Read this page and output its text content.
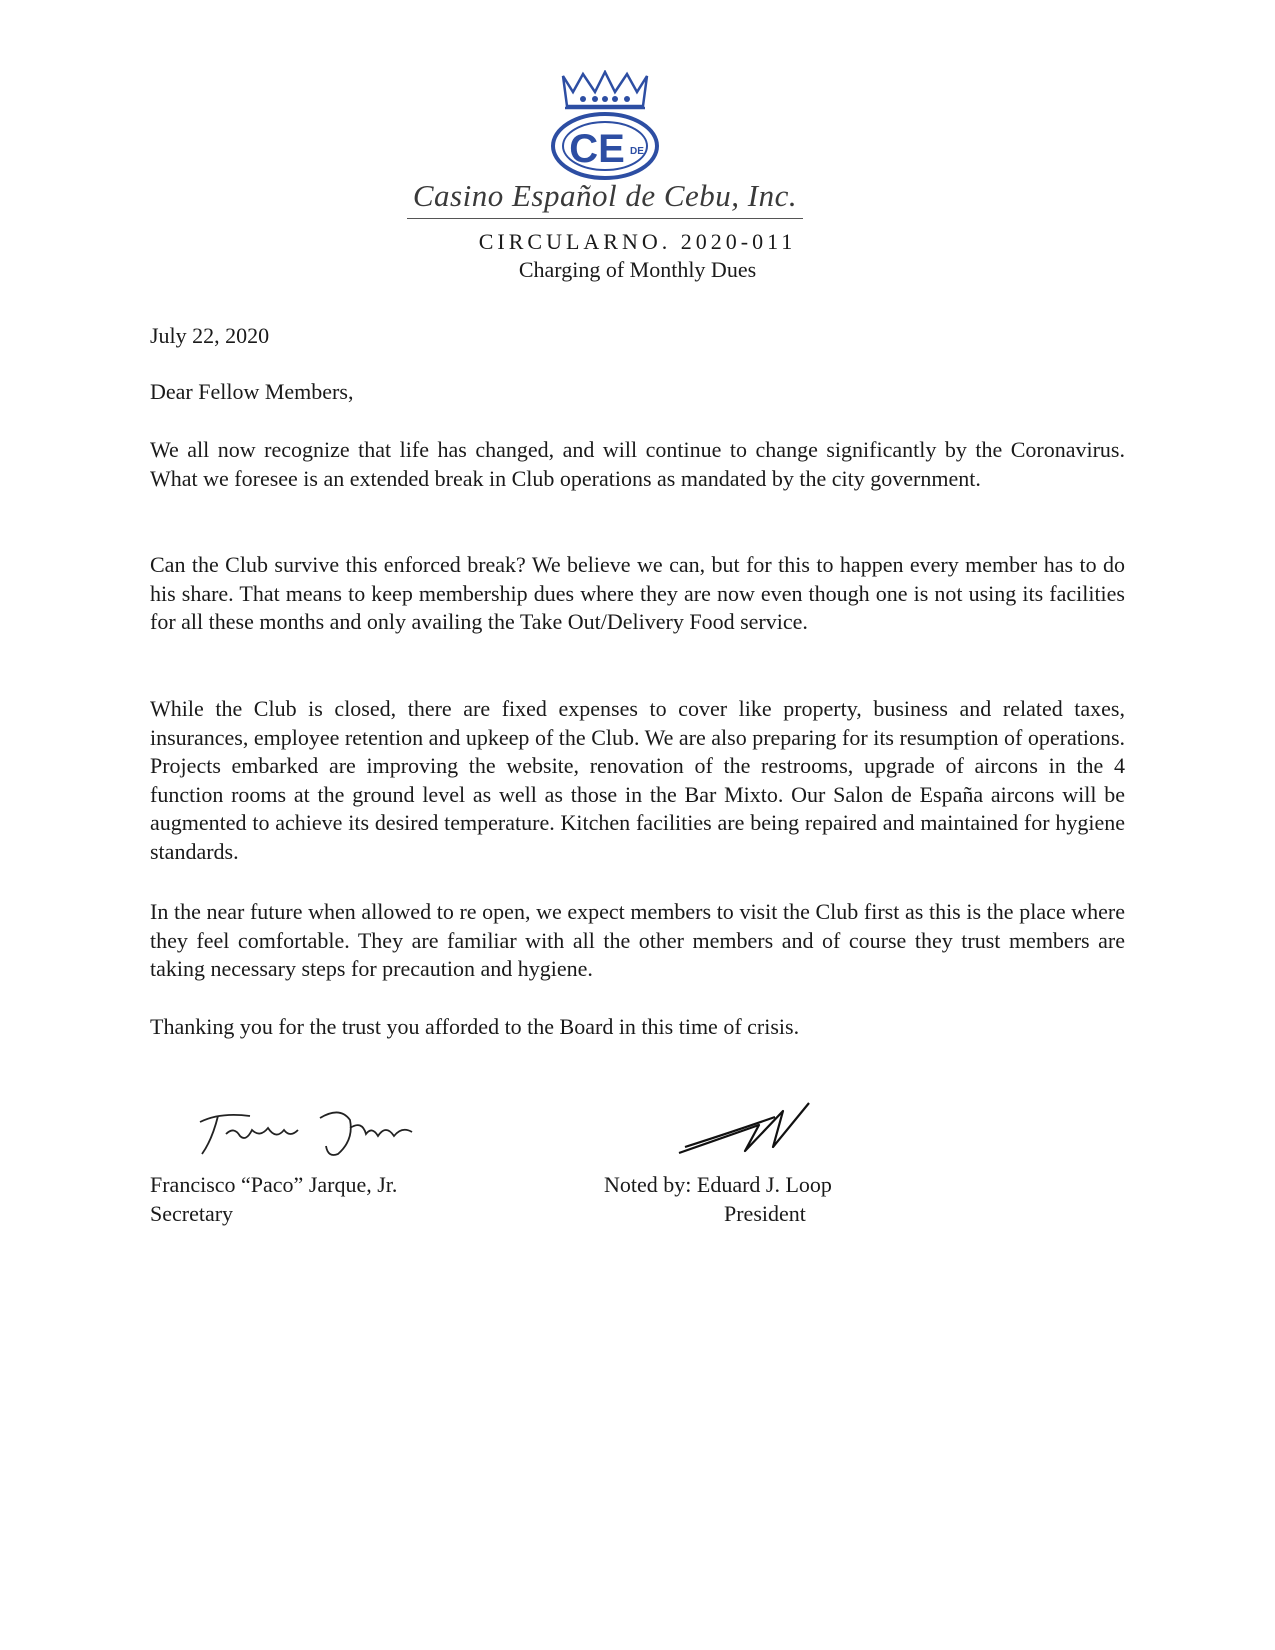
CE DE
Casino Español de Cebu, Inc.
CIRCULARNO. 2020-011
Charging of Monthly Dues
July 22, 2020
Dear Fellow Members,

We all now recognize that life has changed, and will continue to change significantly by the Coronavirus. What we foresee is an extended break in Club operations as mandated by the city government.

Can the Club survive this enforced break? We believe we can, but for this to happen every member has to do his share. That means to keep membership dues where they are now even though one is not using its facilities for all these months and only availing the Take Out/Delivery Food service.

While the Club is closed, there are fixed expenses to cover like property, business and related taxes, insurances, employee retention and upkeep of the Club. We are also preparing for its resumption of operations. Projects embarked are improving the website, renovation of the restrooms, upgrade of aircons in the 4 function rooms at the ground level as well as those in the Bar Mixto. Our Salon de España aircons will be augmented to achieve its desired temperature. Kitchen facilities are being repaired and maintained for hygiene standards.

In the near future when allowed to re open, we expect members to visit the Club first as this is the place where they feel comfortable. They are familiar with all the other members and of course they trust members are taking necessary steps for precaution and hygiene.

Thanking you for the trust you afforded to the Board in this time of crisis.

Francisco “Paco” Jarque, Jr.
Secretary
Noted by: Eduard J. Loop
President
